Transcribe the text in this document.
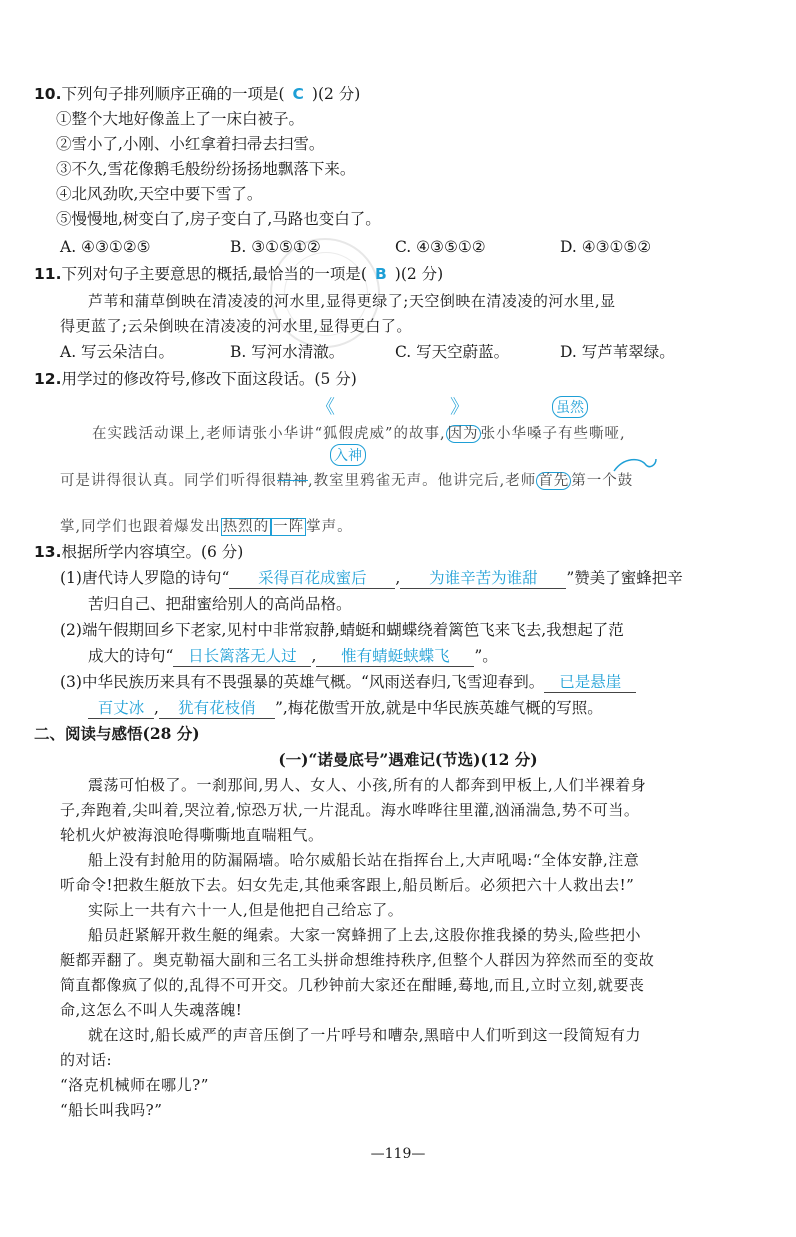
10.下列句子排列顺序正确的一项是( C )(2 分)
①整个大地好像盖上了一床白被子。
②雪小了,小刚、小红拿着扫帚去扫雪。
③不久,雪花像鹅毛般纷纷扬扬地飘落下来。
④北风劲吹,天空中要下雪了。
⑤慢慢地,树变白了,房子变白了,马路也变白了。
A. ④③①②⑤	B. ③①⑤①②	C. ④③⑤①②	D. ④③①⑤②
11.下列对句子主要意思的概括,最恰当的一项是( B )(2 分)
芦苇和蒲草倒映在清凌凌的河水里,显得更绿了;天空倒映在清凌凌的河水里,显
得更蓝了;云朵倒映在清凌凌的河水里,显得更白了。
A. 写云朵洁白。	B. 写河水清澈。	C. 写天空蔚蓝。	D. 写芦苇翠绿。
12.用学过的修改符号,修改下面这段话。(5 分)
《	》	虽然
入神
在实践活动课上,老师请张小华讲“狐假虎威”的故事, 因为 张小华嗓子有些嘶哑,
可是讲得很认真。同学们听得很精神,教室里鸦雀无声。他讲完后,老师 首先 第一个鼓
掌,同学们也跟着爆发出 热烈的 一阵 掌声。
13.根据所学内容填空。(6 分)
(1)唐代诗人罗隐的诗句“ 采得百花成蜜后 , 为谁辛苦为谁甜 ”赞美了蜜蜂把辛
苦归自己、把甜蜜给别人的高尚品格。
(2)端午假期回乡下老家,见村中非常寂静,蜻蜓和蝴蝶绕着篱笆飞来飞去,我想起了范
成大的诗句“ 日长篱落无人过 , 惟有蜻蜓蛱蝶飞 ”。
(3)中华民族历来具有不畏强暴的英雄气概。“风雨送春归,飞雪迎春到。 已是悬崖
百丈冰 , 犹有花枝俏 ”,梅花傲雪开放,就是中华民族英雄气概的写照。
二、阅读与感悟(28 分)
(一)“诺曼底号”遇难记(节选)(12 分)
震荡可怕极了。一刹那间,男人、女人、小孩,所有的人都奔到甲板上,人们半裸着身
子,奔跑着,尖叫着,哭泣着,惊恐万状,一片混乱。海水哗哗往里灌,汹涌湍急,势不可当。
轮机火炉被海浪呛得嘶嘶地直喘粗气。
船上没有封舱用的防漏隔墙。哈尔威船长站在指挥台上,大声吼喝:“全体安静,注意
听命令!把救生艇放下去。妇女先走,其他乘客跟上,船员断后。必须把六十人救出去!”
实际上一共有六十一人,但是他把自己给忘了。
船员赶紧解开救生艇的绳索。大家一窝蜂拥了上去,这股你推我搡的势头,险些把小
艇都弄翻了。奥克勒福大副和三名工头拼命想维持秩序,但整个人群因为猝然而至的变故
简直都像疯了似的,乱得不可开交。几秒钟前大家还在酣睡,蓦地,而且,立时立刻,就要丧
命,这怎么不叫人失魂落魄!
就在这时,船长威严的声音压倒了一片呼号和嘈杂,黑暗中人们听到这一段简短有力
的对话:
“洛克机械师在哪儿?”
“船长叫我吗?”
—119—
